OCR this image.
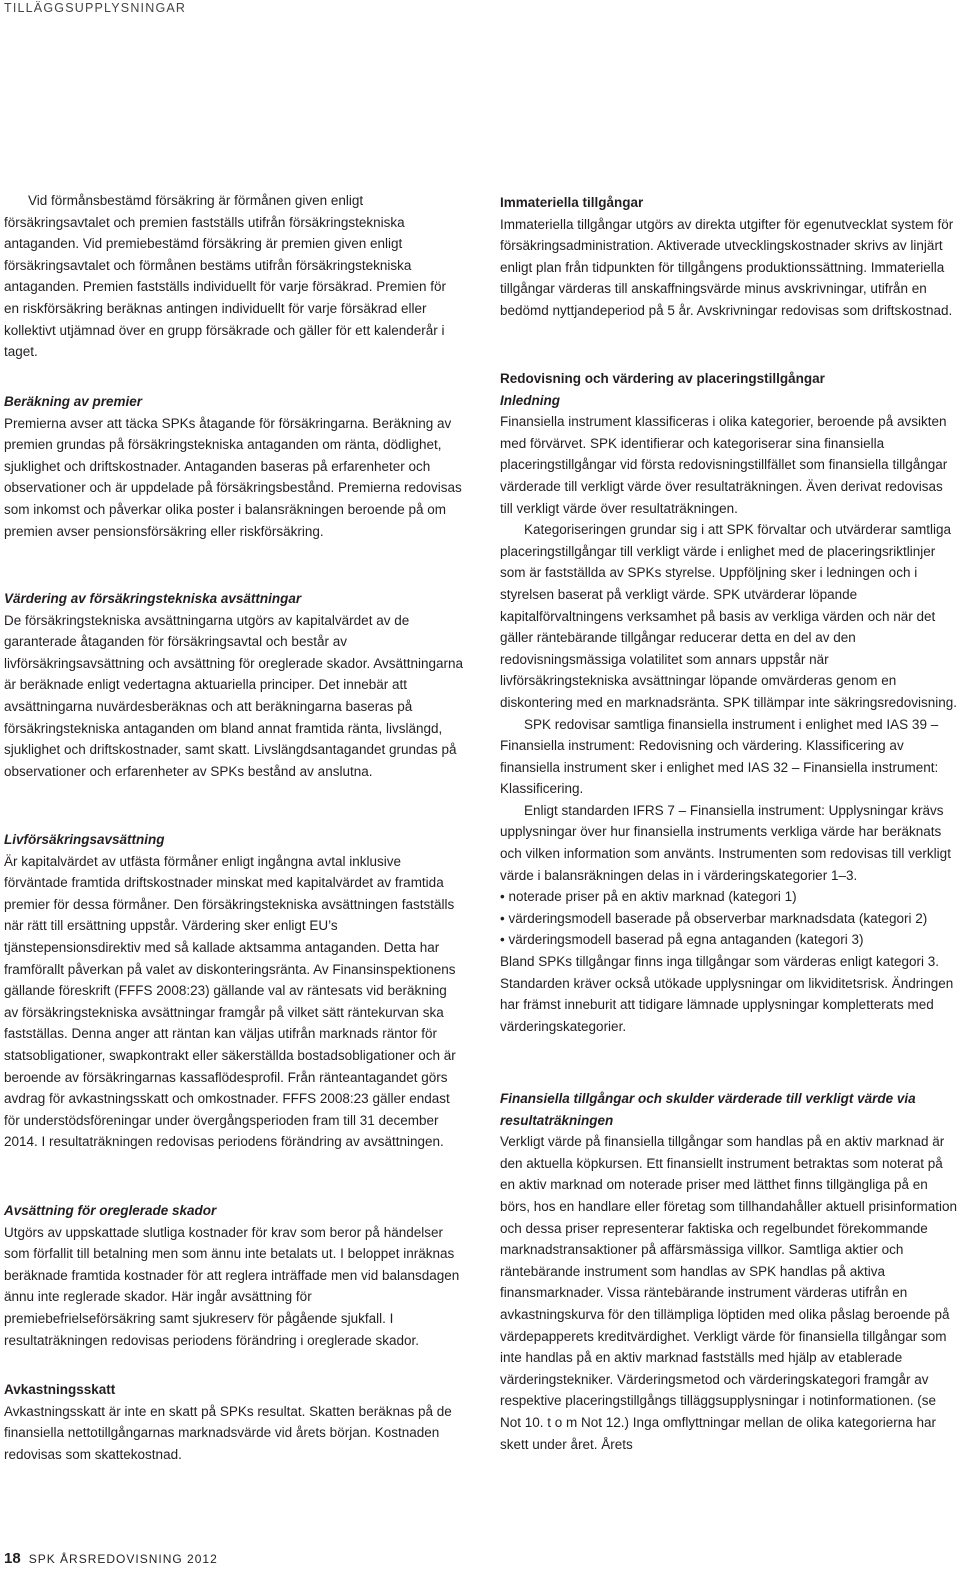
TILLÄGGSUPPLYSNINGAR

Vid förmånsbestämd försäkring är förmånen given enligt försäkringsavtalet och premien fastställs utifrån försäkringstekniska antaganden. Vid premiebestämd försäkring är premien given enligt försäkringsavtalet och förmånen bestäms utifrån försäkringstekniska antaganden. Premien fastställs individuellt för varje försäkrad. Premien för en riskförsäkring beräknas antingen individuellt för varje försäkrad eller kollektivt utjämnad över en grupp försäkrade och gäller för ett kalenderår i taget.

Beräkning av premier

Premierna avser att täcka SPKs åtagande för försäkringarna. Beräkning av premien grundas på försäkringstekniska antaganden om ränta, dödlighet, sjuklighet och driftskostnader. Antaganden baseras på erfarenheter och observationer och är uppdelade på försäkringsbestånd. Premierna redovisas som inkomst och påverkar olika poster i balansräkningen beroende på om premien avser pensionsförsäkring eller riskförsäkring.

Värdering av försäkringstekniska avsättningar

De försäkringstekniska avsättningarna utgörs av kapitalvärdet av de garanterade åtaganden för försäkringsavtal och består av livförsäkringsavsättning och avsättning för oreglerade skador. Avsättningarna är beräknade enligt vedertagna aktuariella principer. Det innebär att avsättningarna nuvärdesberäknas och att beräkningarna baseras på försäkringstekniska antaganden om bland annat framtida ränta, livslängd, sjuklighet och driftskostnader, samt skatt. Livslängdsantagandet grundas på observationer och erfarenheter av SPKs bestånd av anslutna.

Livförsäkringsavsättning

Är kapitalvärdet av utfästa förmåner enligt ingångna avtal inklusive förväntade framtida driftskostnader minskat med kapitalvärdet av framtida premier för dessa förmåner. Den försäkringstekniska avsättningen fastställs när rätt till ersättning uppstår. Värdering sker enligt EU’s tjänstepensionsdirektiv med så kallade aktsamma antaganden. Detta har framförallt påverkan på valet av diskonteringsränta. Av Finansinspektionens gällande föreskrift (FFFS 2008:23) gällande val av räntesats vid beräkning av försäkringstekniska avsättningar framgår på vilket sätt räntekurvan ska fastställas. Denna anger att räntan kan väljas utifrån marknads räntor för statsobligationer, swapkontrakt eller säkerställda bostadsobligationer och är beroende av försäkringarnas kassaflödesprofil. Från ränteantagandet görs avdrag för avkastningsskatt och omkostnader. FFFS 2008:23 gäller endast för understödsföreningar under övergångsperioden fram till 31 december 2014. I resultaträkningen redovisas periodens förändring av avsättningen.

Avsättning för oreglerade skador

Utgörs av uppskattade slutliga kostnader för krav som beror på händelser som förfallit till betalning men som ännu inte betalats ut. I beloppet inräknas beräknade framtida kostnader för att reglera inträffade men vid balansdagen ännu inte reglerade skador. Här ingår avsättning för premiebefrielseförsäkring samt sjukreserv för pågående sjukfall. I resultaträkningen redovisas periodens förändring i oreglerade skador.

Avkastningsskatt

Avkastningsskatt är inte en skatt på SPKs resultat. Skatten beräknas på de finansiella nettotillgångarnas marknadsvärde vid årets början. Kostnaden redovisas som skattekostnad.

Immateriella tillgångar

Immateriella tillgångar utgörs av direkta utgifter för egenutvecklat system för försäkringsadministration. Aktiverade utvecklingskostnader skrivs av linjärt enligt plan från tidpunkten för tillgångens produktionssättning. Immateriella tillgångar värderas till anskaffningsvärde minus avskrivningar, utifrån en bedömd nyttjandeperiod på 5 år. Avskrivningar redovisas som driftskostnad.

Redovisning och värdering av placeringstillgångar

Inledning

Finansiella instrument klassificeras i olika kategorier, beroende på avsikten med förvärvet. SPK identifierar och kategoriserar sina finansiella placeringstillgångar vid första redovisningstillfället som finansiella tillgångar värderade till verkligt värde över resultaträkningen. Även derivat redovisas till verkligt värde över resultaträkningen.

Kategoriseringen grundar sig i att SPK förvaltar och utvärderar samtliga placeringstillgångar till verkligt värde i enlighet med de placeringsriktlinjer som är fastställda av SPKs styrelse. Uppföljning sker i ledningen och i styrelsen baserat på verkligt värde. SPK utvärderar löpande kapitalförvaltningens verksamhet på basis av verkliga värden och när det gäller räntebärande tillgångar reducerar detta en del av den redovisningsmässiga volatilitet som annars uppstår när livförsäkringstekniska avsättningar löpande omvärderas genom en diskontering med en marknadsränta. SPK tillämpar inte säkringsredovisning.

SPK redovisar samtliga finansiella instrument i enlighet med IAS 39 – Finansiella instrument: Redovisning och värdering. Klassificering av finansiella instrument sker i enlighet med IAS 32 – Finansiella instrument: Klassificering.

Enligt standarden IFRS 7 – Finansiella instrument: Upplysningar krävs upplysningar över hur finansiella instruments verkliga värde har beräknats och vilken information som använts. Instrumenten som redovisas till verkligt värde i balansräkningen delas in i värderingskategorier 1–3.

• noterade priser på en aktiv marknad (kategori 1)
• värderingsmodell baserade på observerbar marknadsdata (kategori 2)
• värderingsmodell baserad på egna antaganden (kategori 3)

Bland SPKs tillgångar finns inga tillgångar som värderas enligt kategori 3. Standarden kräver också utökade upplysningar om likviditetsrisk. Ändringen har främst inneburit att tidigare lämnade upplysningar kompletterats med värderingskategorier.

Finansiella tillgångar och skulder värderade till verkligt värde via resultaträkningen

Verkligt värde på finansiella tillgångar som handlas på en aktiv marknad är den aktuella köpkursen. Ett finansiellt instrument betraktas som noterat på en aktiv marknad om noterade priser med lätthet finns tillgängliga på en börs, hos en handlare eller företag som tillhandahåller aktuell prisinformation och dessa priser representerar faktiska och regelbundet förekommande marknadstransaktioner på affärsmässiga villkor. Samtliga aktier och räntebärande instrument som handlas av SPK handlas på aktiva finansmarknader. Vissa räntebärande instrument värderas utifrån en avkastningskurva för den tillämpliga löptiden med olika påslag beroende på värdepapperets kreditvärdighet. Verkligt värde för finansiella tillgångar som inte handlas på en aktiv marknad fastställs med hjälp av etablerade värderingstekniker. Värderingsmetod och värderingskategori framgår av respektive placeringstillgångs tilläggsupplysningar i notinformationen. (se Not 10. t o m Not 12.) Inga omflyttningar mellan de olika kategorierna har skett under året. Årets

18 SPK ÅRSREDOVISNING 2012
